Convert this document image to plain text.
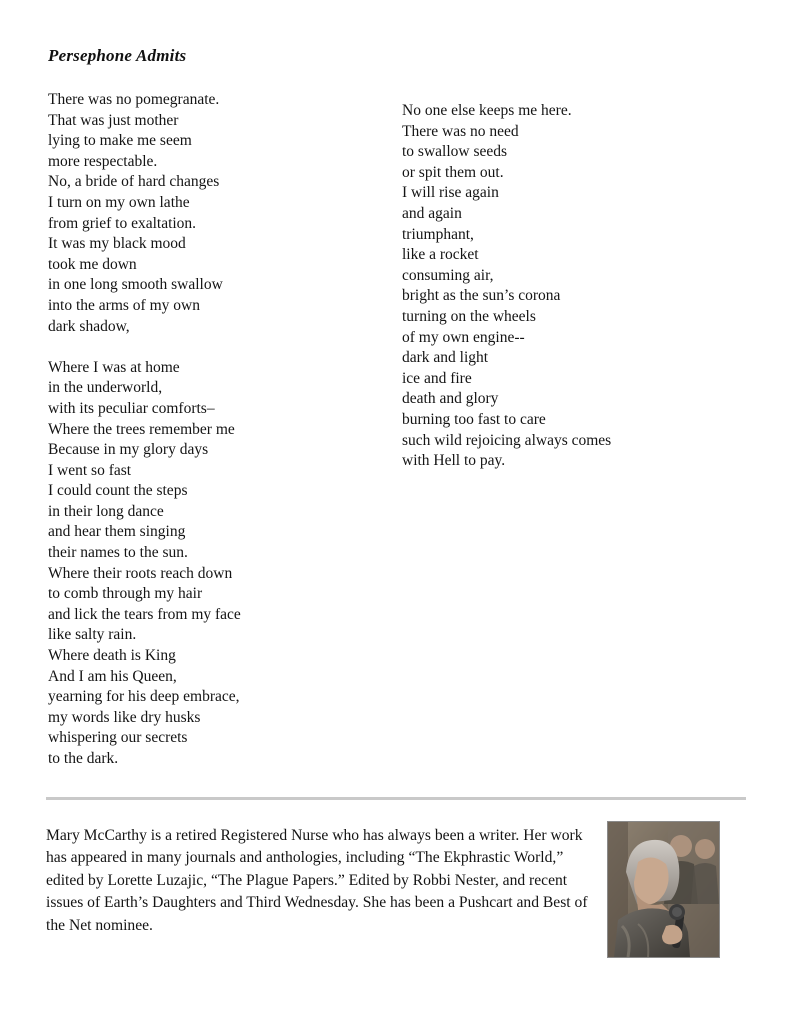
Persephone Admits
There was no pomegranate.
That was just mother
lying to make me seem
more respectable.
No, a bride of hard changes
I turn on my own lathe
from grief to exaltation.
It was my black mood
took me down
in one long smooth swallow
into the arms of my own
dark shadow,

Where I was at home
in the underworld,
with its peculiar comforts–
Where the trees remember me
Because in my glory days
I went so fast
I could count the steps
in their long dance
and hear them singing
their names to the sun.
Where their roots reach down
to comb through my hair
and lick the tears from my face
like salty rain.
Where death is King
And I am his Queen,
yearning for his deep embrace,
my words like dry husks
whispering our secrets
to the dark.
No one else keeps me here.
There was no need
to swallow seeds
or spit them out.
I will rise again
and again
triumphant,
like a rocket
consuming air,
bright as the sun’s corona
turning on the wheels
of my own engine--
dark and light
ice and fire
death and glory
burning too fast to care
such wild rejoicing always comes
with Hell to pay.
Mary McCarthy is a retired Registered Nurse who has always been a writer. Her work has appeared in many journals and anthologies, including “The Ekphrastic World,” edited by Lorette Luzajic, “The Plague Papers.” Edited by Robbi Nester, and recent issues of Earth’s Daughters and Third Wednesday. She has been a Pushcart and Best of the Net nominee.
